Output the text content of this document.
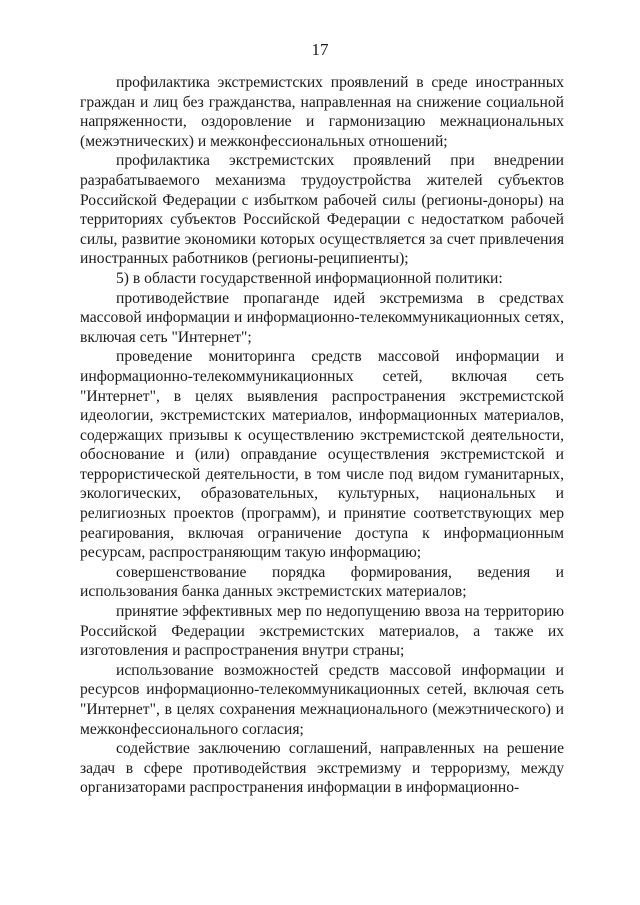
17

профилактика экстремистских проявлений в среде иностранных граждан и лиц без гражданства, направленная на снижение социальной напряженности, оздоровление и гармонизацию межнациональных (межэтнических) и межконфессиональных отношений;

профилактика экстремистских проявлений при внедрении разрабатываемого механизма трудоустройства жителей субъектов Российской Федерации с избытком рабочей силы (регионы-доноры) на территориях субъектов Российской Федерации с недостатком рабочей силы, развитие экономики которых осуществляется за счет привлечения иностранных работников (регионы-реципиенты);

5) в области государственной информационной политики:

противодействие пропаганде идей экстремизма в средствах массовой информации и информационно-телекоммуникационных сетях, включая сеть "Интернет";

проведение мониторинга средств массовой информации и информационно-телекоммуникационных сетей, включая сеть "Интернет", в целях выявления распространения экстремистской идеологии, экстремистских материалов, информационных материалов, содержащих призывы к осуществлению экстремистской деятельности, обоснование и (или) оправдание осуществления экстремистской и террористической деятельности, в том числе под видом гуманитарных, экологических, образовательных, культурных, национальных и религиозных проектов (программ), и принятие соответствующих мер реагирования, включая ограничение доступа к информационным ресурсам, распространяющим такую информацию;

совершенствование порядка формирования, ведения и использования банка данных экстремистских материалов;

принятие эффективных мер по недопущению ввоза на территорию Российской Федерации экстремистских материалов, а также их изготовления и распространения внутри страны;

использование возможностей средств массовой информации и ресурсов информационно-телекоммуникационных сетей, включая сеть "Интернет", в целях сохранения межнационального (межэтнического) и межконфессионального согласия;

содействие заключению соглашений, направленных на решение задач в сфере противодействия экстремизму и терроризму, между организаторами распространения информации в информационно-
